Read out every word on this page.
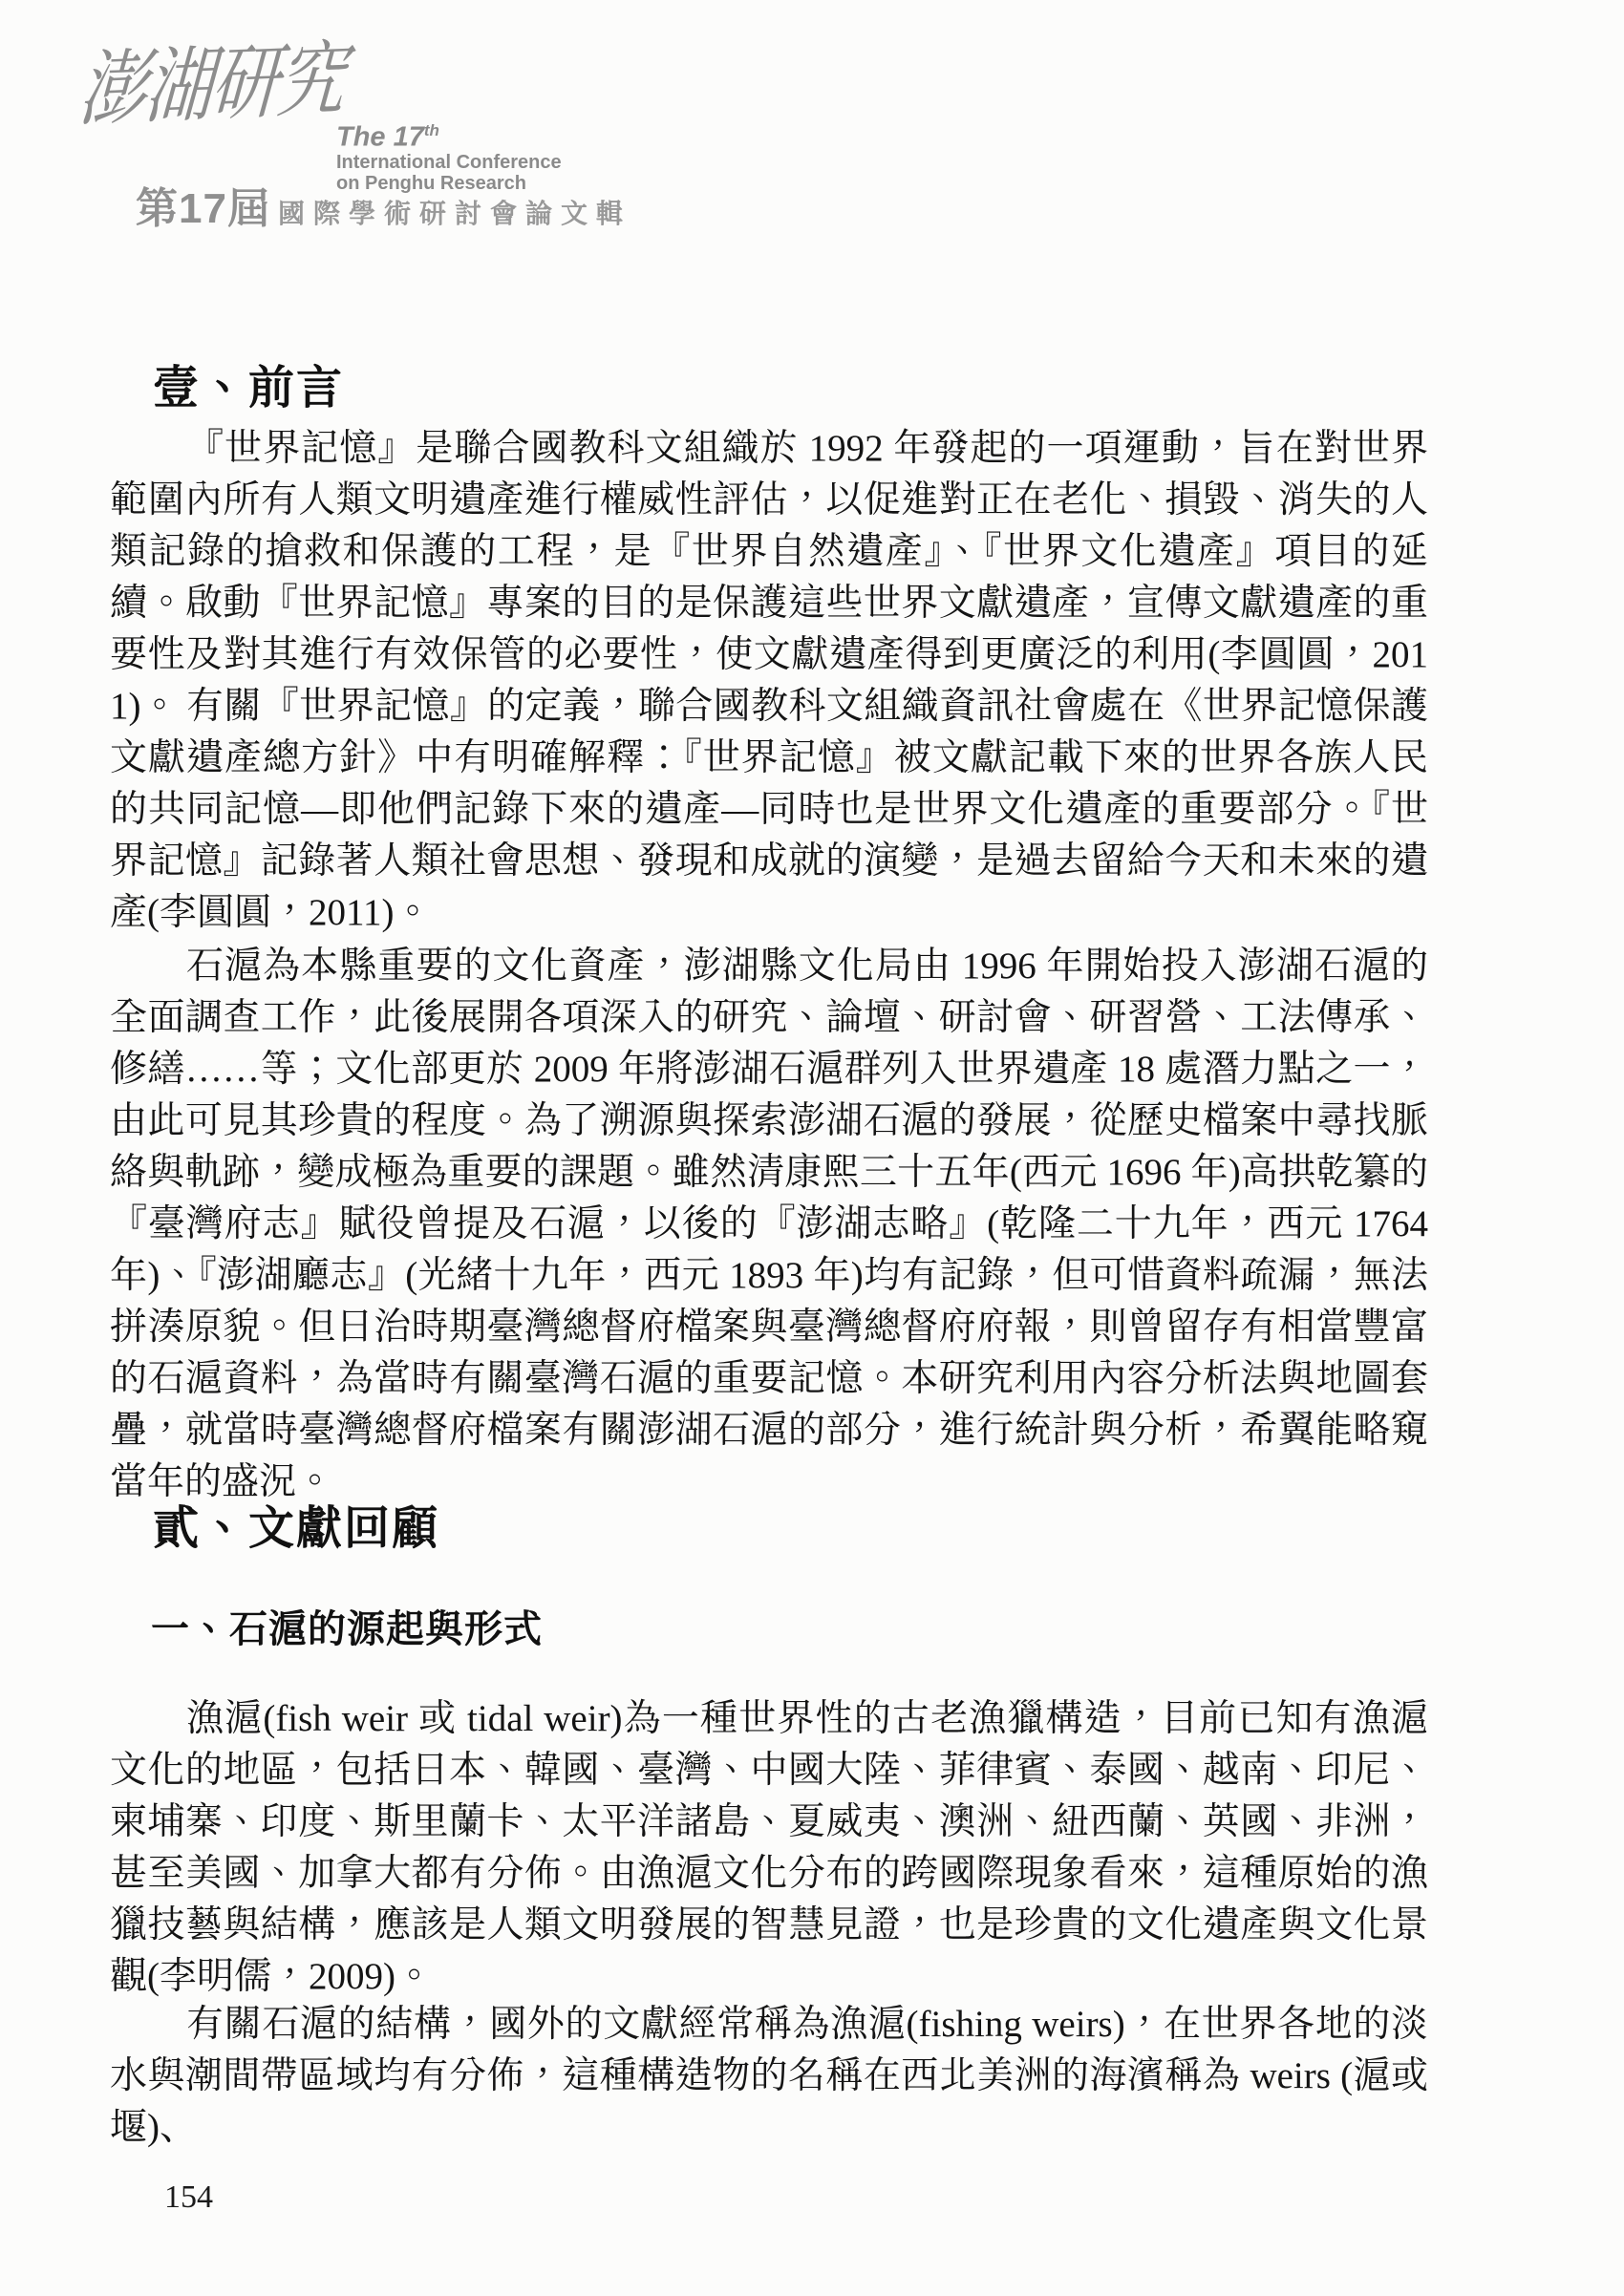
澎湖研究
The 17th
International Conference
on Penghu Research
第17屆 國際學術研討會論文輯
壹、前言
『世界記憶』是聯合國教科文組織於 1992 年發起的一項運動，旨在對世界範圍內所有人類文明遺產進行權威性評估，以促進對正在老化、損毀、消失的人類記錄的搶救和保護的工程，是『世界自然遺產』、『世界文化遺產』項目的延續。啟動『世界記憶』專案的目的是保護這些世界文獻遺產，宣傳文獻遺產的重要性及對其進行有效保管的必要性，使文獻遺產得到更廣泛的利用(李圓圓，2011)。 有關『世界記憶』的定義，聯合國教科文組織資訊社會處在《世界記憶保護文獻遺產總方針》中有明確解釋：『世界記憶』被文獻記載下來的世界各族人民的共同記憶—即他們記錄下來的遺產—同時也是世界文化遺產的重要部分。『世界記憶』記錄著人類社會思想、發現和成就的演變，是過去留給今天和未來的遺產(李圓圓，2011)。
石滬為本縣重要的文化資產，澎湖縣文化局由 1996 年開始投入澎湖石滬的全面調查工作，此後展開各項深入的研究、論壇、研討會、研習營、工法傳承、修繕……等；文化部更於 2009 年將澎湖石滬群列入世界遺產 18 處潛力點之一，由此可見其珍貴的程度。為了溯源與探索澎湖石滬的發展，從歷史檔案中尋找脈絡與軌跡，變成極為重要的課題。雖然清康熙三十五年(西元 1696 年)高拱乾纂的『臺灣府志』賦役曾提及石滬，以後的『澎湖志略』(乾隆二十九年，西元 1764 年)、『澎湖廳志』(光緒十九年，西元 1893 年)均有記錄，但可惜資料疏漏，無法拼湊原貌。但日治時期臺灣總督府檔案與臺灣總督府府報，則曾留存有相當豐富的石滬資料，為當時有關臺灣石滬的重要記憶。本研究利用內容分析法與地圖套疊，就當時臺灣總督府檔案有關澎湖石滬的部分，進行統計與分析，希翼能略窺當年的盛況。
貳、文獻回顧
一、石滬的源起與形式
漁滬(fish weir 或 tidal weir)為一種世界性的古老漁獵構造，目前已知有漁滬文化的地區，包括日本、韓國、臺灣、中國大陸、菲律賓、泰國、越南、印尼、柬埔寨、印度、斯里蘭卡、太平洋諸島、夏威夷、澳洲、紐西蘭、英國、非洲，甚至美國、加拿大都有分佈。由漁滬文化分布的跨國際現象看來，這種原始的漁獵技藝與結構，應該是人類文明發展的智慧見證，也是珍貴的文化遺產與文化景觀(李明儒，2009)。
有關石滬的結構，國外的文獻經常稱為漁滬(fishing weirs)，在世界各地的淡水與潮間帶區域均有分佈，這種構造物的名稱在西北美洲的海濱稱為 weirs (滬或堰)、
154
